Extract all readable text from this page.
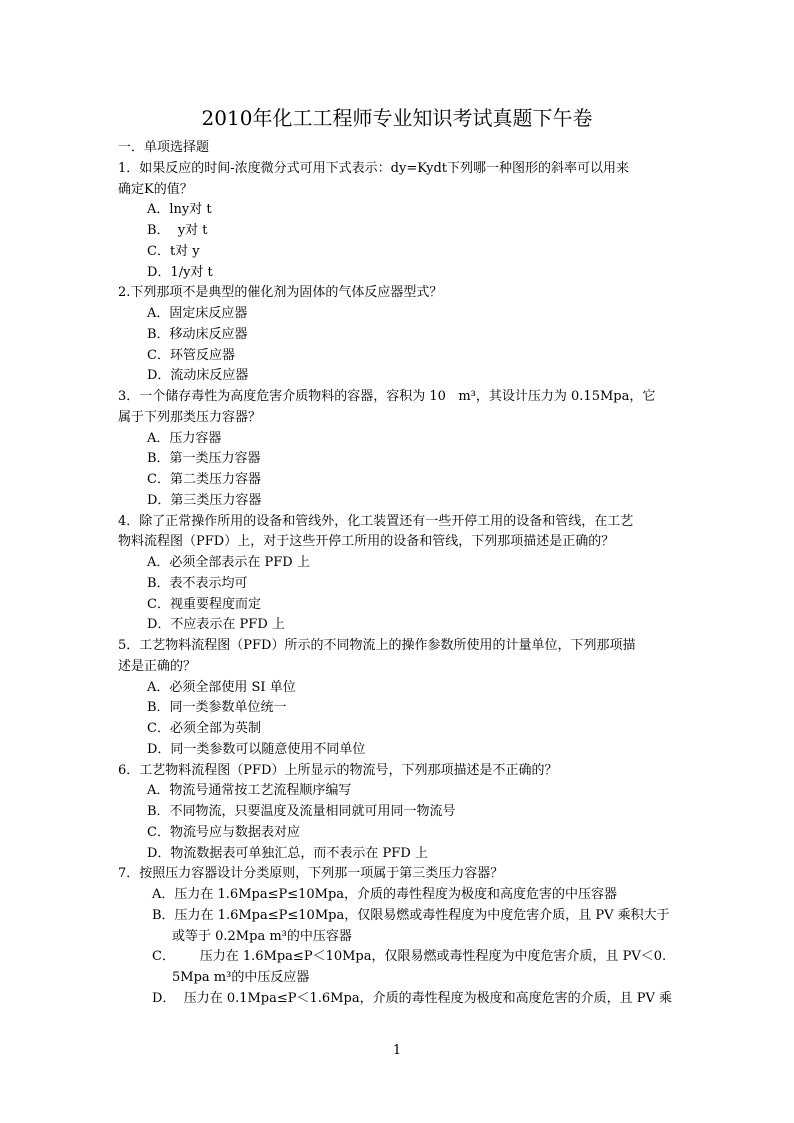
2010年化工工程师专业知识考试真题下午卷
一．单项选择题
1．如果反应的时间-浓度微分式可用下式表示：dy=Kydt下列哪一种图形的斜率可以用来
确定K的值？
A．lny对 t
B．  y对 t
C．t对 y
D．1/y对 t
2.下列那项不是典型的催化剂为固体的气体反应器型式？
A．固定床反应器
B．移动床反应器
C．环管反应器
D．流动床反应器
3．一个储存毒性为高度危害介质物料的容器，容积为 10   m³，其设计压力为 0.15Mpa，它
属于下列那类压力容器？
A．压力容器
B．第一类压力容器
C．第二类压力容器
D．第三类压力容器
4．除了正常操作所用的设备和管线外，化工装置还有一些开停工用的设备和管线，在工艺
物料流程图（PFD）上，对于这些开停工所用的设备和管线，下列那项描述是正确的？
A．必须全部表示在 PFD 上
B．表不表示均可
C．视重要程度而定
D．不应表示在 PFD 上
5．工艺物料流程图（PFD）所示的不同物流上的操作参数所使用的计量单位，下列那项描
述是正确的？
A．必须全部使用 SI 单位
B．同一类参数单位统一
C．必须全部为英制
D．同一类参数可以随意使用不同单位
6．工艺物料流程图（PFD）上所显示的物流号，下列那项描述是不正确的？
A．物流号通常按工艺流程顺序编写
B．不同物流，只要温度及流量相同就可用同一物流号
C．物流号应与数据表对应
D．物流数据表可单独汇总，而不表示在 PFD 上
7．按照压力容器设计分类原则，下列那一项属于第三类压力容器？
A．压力在 1.6Mpa≤P≤10Mpa，介质的毒性程度为极度和高度危害的中压容器
B．压力在 1.6Mpa≤P≤10Mpa，仅限易燃或毒性程度为中度危害介质，且 PV 乘积大于
或等于 0.2Mpa m³的中压容器
C．      压力在 1.6Mpa≤P＜10Mpa，仅限易燃或毒性程度为中度危害介质，且 PV＜0.
5Mpa m³的中压反应器
D．  压力在 0.1Mpa≤P＜1.6Mpa，介质的毒性程度为极度和高度危害的介质，且 PV 乘
1
